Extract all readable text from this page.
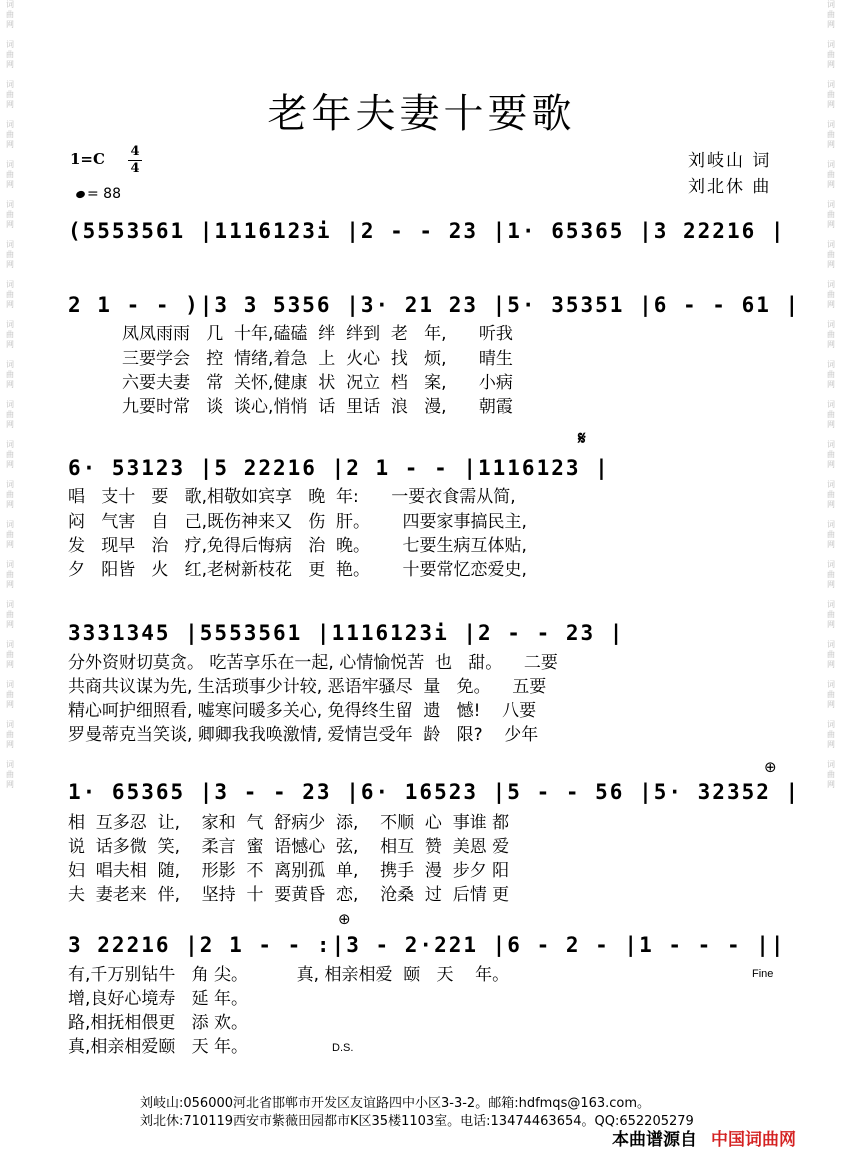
词
曲
网

词
曲
网

词
曲
网

词
曲
网

词
曲
网

词
曲
网

词
曲
网

词
曲
网

词
曲
网

词
曲
网

词
曲
网

词
曲
网

词
曲
网

词
曲
网

词
曲
网

词
曲
网

词
曲
网

词
曲
网

词
曲
网

词
曲
网
词
曲
网

词
曲
网

词
曲
网

词
曲
网

词
曲
网

词
曲
网

词
曲
网

词
曲
网

词
曲
网

词
曲
网

词
曲
网

词
曲
网

词
曲
网

词
曲
网

词
曲
网

词
曲
网

词
曲
网

词
曲
网

词
曲
网

词
曲
网
老年夫妻十要歌
1=C 4
4
= 88
刘岐山 词
刘北休 曲
(5553561 |1116123i |2 - - 23 |1· 65365 |3 22216 |
2 1 - - )|3 3 5356 |3· 21 23 |5· 35351 |6 - - 61 |
凤凤雨雨   几  十年,磕磕  绊  绊到  老   年,      听我
三要学会   控  情绪,着急  上  火心  找   烦,      晴生
六要夫妻   常  关怀,健康  状  况立  档   案,      小病
九要时常   谈  谈心,悄悄  话  里话  浪   漫,      朝霞
𝄋
6· 53123 |5 22216 |2 1 - - |1116123 |
唱   支十   要   歌,相敬如宾享   晚  年:      一要衣食需从简,
闷   气害   自   己,既伤神来又   伤  肝。      四要家事搞民主,
发   现早   治   疗,免得后悔病   治  晚。      七要生病互体贴,
夕   阳皆   火   红,老树新枝花   更  艳。      十要常忆恋爱史,
3331345 |5553561 |1116123i |2 - - 23 |
分外资财切莫贪。 吃苦享乐在一起, 心情愉悦苦  也   甜。    二要
共商共议谋为先, 生活琐事少计较, 恶语牢骚尽  量   免。    五要
精心呵护细照看, 嘘寒问暖多关心, 免得终生留  遗   憾!    八要
罗曼蒂克当笑谈, 卿卿我我唤激情, 爱情岂受年  龄   限?    少年
⊕
1· 65365 |3 - - 23 |6· 16523 |5 - - 56 |5· 32352 |
相  互多忍  让,    家和  气  舒病少  添,    不顺  心  事谁 都
说  话多微  笑,    柔言  蜜  语憾心  弦,    相互  赞  美恩 爱
妇  唱夫相  随,    形影  不  离别孤  单,    携手  漫  步夕 阳
夫  妻老来  伴,    坚持  十  要黄昏  恋,    沧桑  过  后情 更
⊕
3 22216 |2 1 - - :|3 - 2·221 |6 - 2 - |1 - - - ||
有,千万别钻牛   角 尖。         真, 相亲相爱  颐   天    年。	Fine
增,良好心境寿   延 年。
路,相抚相偎更   添 欢。
真,相亲相爱颐   天 年。	D.S.
刘岐山:056000河北省邯郸市开发区友谊路四中小区3-3-2。邮箱:hdfmqs@163.com。
刘北休:710119西安市紫薇田园都市K区35楼1103室。电话:13474463654。QQ:652205279
本曲谱源自 中国词曲网
